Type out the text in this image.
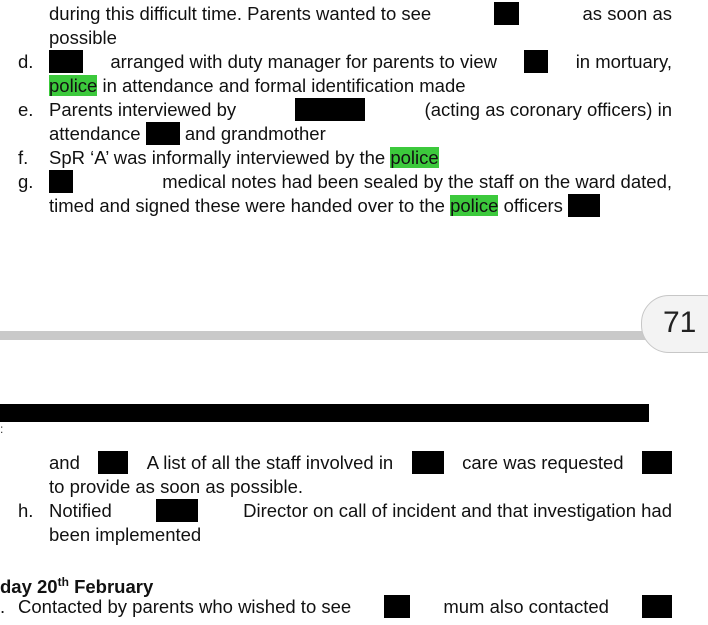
during this difficult time. Parents wanted to see	as soon as
possible
d.	arranged with duty manager for parents to view	in mortuary,
police in attendance and formal identification made
e. Parents interviewed by	(acting as coronary officers) in
attendance and grandmother
f.	SpR ‘A’ was informally interviewed by the police
g.	medical notes had been sealed by the staff on the ward dated,
timed and signed these were handed over to the police officers
71
:
and	A list of all the staff involved in	care was requested
to provide as soon as possible.
h. Notified	Director on call of incident and that investigation had
been implemented
day 20th February
. Contacted by parents who wished to see	mum also contacted
